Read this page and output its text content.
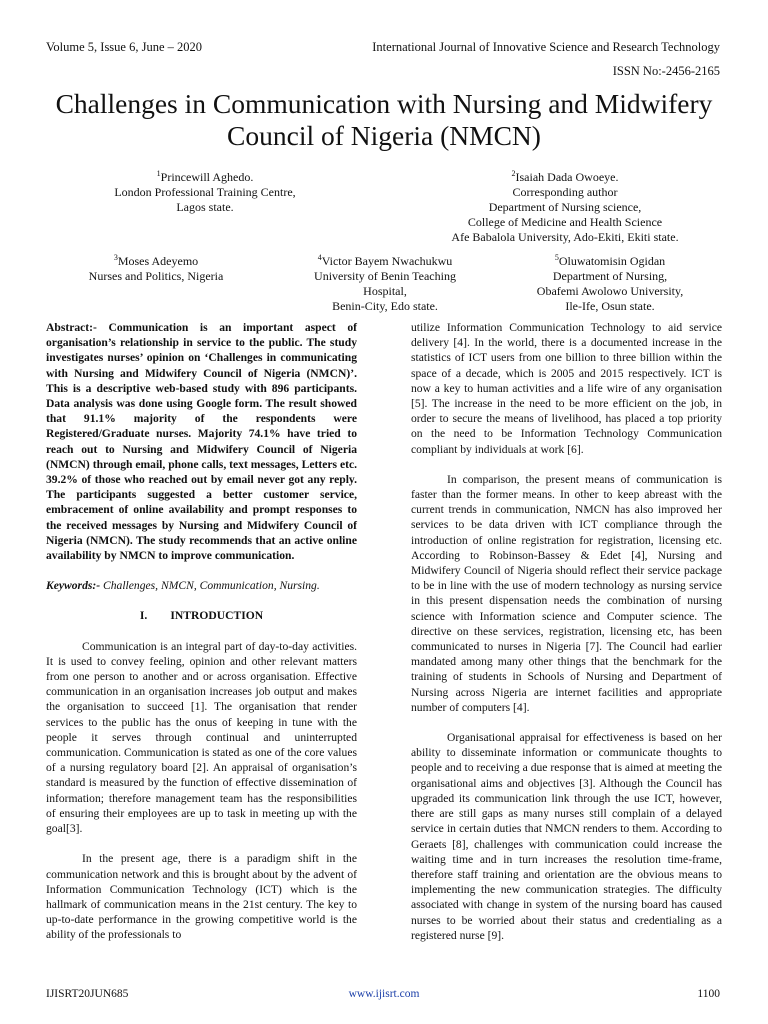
Volume 5, Issue 6, June – 2020	International Journal of Innovative Science and Research Technology
ISSN No:-2456-2165
Challenges in Communication with Nursing and Midwifery Council of Nigeria (NMCN)
$^1$Princewill Aghedo.
London Professional Training Centre,
Lagos state.
$^2$Isaiah Dada Owoeye.
Corresponding author
Department of Nursing science,
College of Medicine and Health Science
Afe Babalola University, Ado-Ekiti, Ekiti state.
$^3$Moses Adeyemo
Nurses and Politics, Nigeria
$^4$Victor Bayem Nwachukwu
University of Benin Teaching
Hospital,
Benin-City, Edo state.
$^5$Oluwatomisin Ogidan
Department of Nursing,
Obafemi Awolowo University,
Ile-Ife, Osun state.

Abstract:- Communication is an important aspect of organisation’s relationship in service to the public. The study investigates nurses’ opinion on ‘Challenges in communicating with Nursing and Midwifery Council of Nigeria (NMCN)’. This is a descriptive web-based study with 896 participants. Data analysis was done using Google form. The result showed that 91.1% majority of the respondents were Registered/Graduate nurses. Majority 74.1% have tried to reach out to Nursing and Midwifery Council of Nigeria (NMCN) through email, phone calls, text messages, Letters etc. 39.2% of those who reached out by email never got any reply. The participants suggested a better customer service, embracement of online availability and prompt responses to the received messages by Nursing and Midwifery Council of Nigeria (NMCN). The study recommends that an active online availability by NMCN to improve communication.

Keywords:- Challenges, NMCN, Communication, Nursing.

I.  INTRODUCTION

Communication is an integral part of day-to-day activities. It is used to convey feeling, opinion and other relevant matters from one person to another and or across organisation. Effective communication in an organisation increases job output and makes the organisation to succeed [1]. The organisation that render services to the public has the onus of keeping in tune with the people it serves through continual and uninterrupted communication. Communication is stated as one of the core values of a nursing regulatory board [2]. An appraisal of organisation’s standard is measured by the function of effective dissemination of information; therefore management team has the responsibilities of ensuring their employees are up to task in meeting up with the goal[3].

In the present age, there is a paradigm shift in the communication network and this is brought about by the advent of Information Communication Technology (ICT) which is the hallmark of communication means in the 21st century. The key to up-to-date performance in the growing competitive world is the ability of the professionals to

utilize Information Communication Technology to aid service delivery [4]. In the world, there is a documented increase in the statistics of ICT users from one billion to three billion within the space of a decade, which is 2005 and 2015 respectively. ICT is now a key to human activities and a life wire of any organisation [5]. The increase in the need to be more efficient on the job, in order to secure the means of livelihood, has placed a top priority on the need to be Information Technology Communication compliant by individuals at work [6].

In comparison, the present means of communication is faster than the former means. In other to keep abreast with the current trends in communication, NMCN has also improved her services to be data driven with ICT compliance through the introduction of online registration for registration, licensing etc. According to Robinson-Bassey & Edet [4], Nursing and Midwifery Council of Nigeria should reflect their service package to be in line with the use of modern technology as nursing service in this present dispensation needs the combination of nursing science with Information science and Computer science. The directive on these services, registration, licensing etc, has been communicated to nurses in Nigeria [7]. The Council had earlier mandated among many other things that the benchmark for the training of students in Schools of Nursing and Department of Nursing across Nigeria are internet facilities and appropriate number of computers [4].

Organisational appraisal for effectiveness is based on her ability to disseminate information or communicate thoughts to people and to receiving a due response that is aimed at meeting the organisational aims and objectives [3]. Although the Council has upgraded its communication link through the use ICT, however, there are still gaps as many nurses still complain of a delayed service in certain duties that NMCN renders to them. According to Geraets [8], challenges with communication could increase the waiting time and in turn increases the resolution time-frame, therefore staff training and orientation are the obvious means to implementing the new communication strategies. The difficulty associated with change in system of the nursing board has caused nurses to be worried about their status and credentialing as a registered nurse [9].

IJISRT20JUN685	www.ijisrt.com	1100
